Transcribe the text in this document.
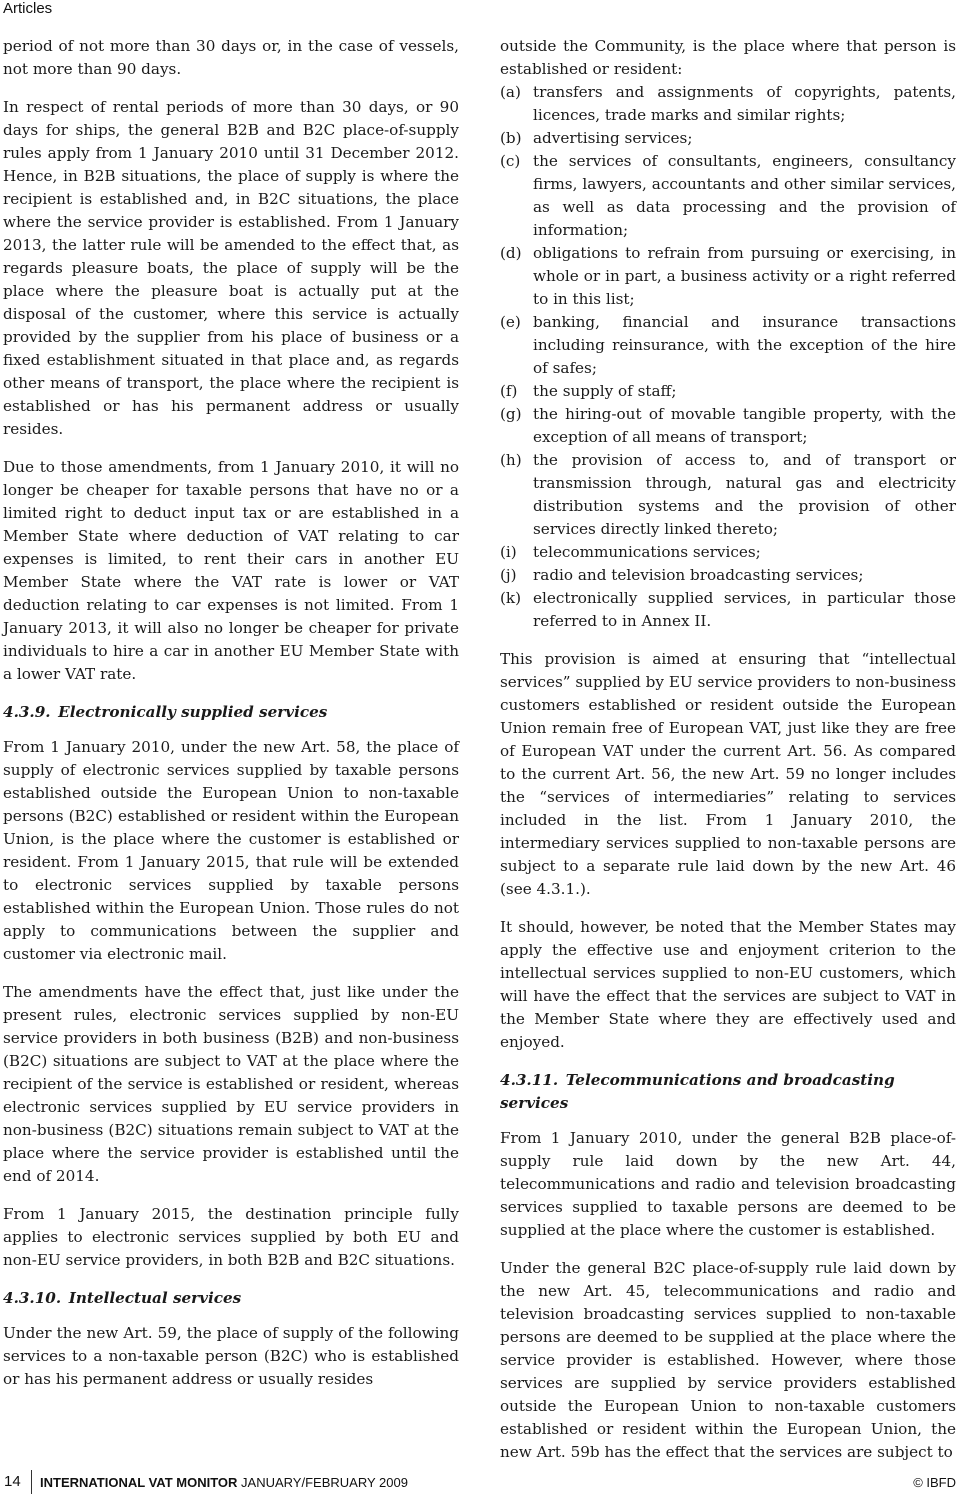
Articles

period of not more than 30 days or, in the case of vessels, not more than 90 days.

In respect of rental periods of more than 30 days, or 90 days for ships, the general B2B and B2C place-of-supply rules apply from 1 January 2010 until 31 December 2012. Hence, in B2B situations, the place of supply is where the recipient is established and, in B2C situations, the place where the service provider is established. From 1 January 2013, the latter rule will be amended to the effect that, as regards pleasure boats, the place of supply will be the place where the pleasure boat is actually put at the disposal of the customer, where this service is actually provided by the supplier from his place of business or a fixed establishment situated in that place and, as regards other means of transport, the place where the recipient is established or has his permanent address or usually resides.

Due to those amendments, from 1 January 2010, it will no longer be cheaper for taxable persons that have no or a limited right to deduct input tax or are established in a Member State where deduction of VAT relating to car expenses is limited, to rent their cars in another EU Member State where the VAT rate is lower or VAT deduction relating to car expenses is not limited. From 1 January 2013, it will also no longer be cheaper for private individuals to hire a car in another EU Member State with a lower VAT rate.

4.3.9. Electronically supplied services

From 1 January 2010, under the new Art. 58, the place of supply of electronic services supplied by taxable persons established outside the European Union to non-taxable persons (B2C) established or resident within the European Union, is the place where the customer is established or resident. From 1 January 2015, that rule will be extended to electronic services supplied by taxable persons established within the European Union. Those rules do not apply to communications between the supplier and customer via electronic mail.

The amendments have the effect that, just like under the present rules, electronic services supplied by non-EU service providers in both business (B2B) and non-business (B2C) situations are subject to VAT at the place where the recipient of the service is established or resident, whereas electronic services supplied by EU service providers in non-business (B2C) situations remain subject to VAT at the place where the service provider is established until the end of 2014.

From 1 January 2015, the destination principle fully applies to electronic services supplied by both EU and non-EU service providers, in both B2B and B2C situations.

4.3.10. Intellectual services

Under the new Art. 59, the place of supply of the following services to a non-taxable person (B2C) who is established or has his permanent address or usually resides

outside the Community, is the place where that person is established or resident:

(a) transfers and assignments of copyrights, patents, licences, trade marks and similar rights;
(b) advertising services;
(c) the services of consultants, engineers, consultancy firms, lawyers, accountants and other similar services, as well as data processing and the provision of information;
(d) obligations to refrain from pursuing or exercising, in whole or in part, a business activity or a right referred to in this list;
(e) banking, financial and insurance transactions including reinsurance, with the exception of the hire of safes;
(f) the supply of staff;
(g) the hiring-out of movable tangible property, with the exception of all means of transport;
(h) the provision of access to, and of transport or transmission through, natural gas and electricity distribution systems and the provision of other services directly linked thereto;
(i) telecommunications services;
(j) radio and television broadcasting services;
(k) electronically supplied services, in particular those referred to in Annex II.

This provision is aimed at ensuring that “intellectual services” supplied by EU service providers to non-business customers established or resident outside the European Union remain free of European VAT, just like they are free of European VAT under the current Art. 56. As compared to the current Art. 56, the new Art. 59 no longer includes the “services of intermediaries” relating to services included in the list. From 1 January 2010, the intermediary services supplied to non-taxable persons are subject to a separate rule laid down by the new Art. 46 (see 4.3.1.).

It should, however, be noted that the Member States may apply the effective use and enjoyment criterion to the intellectual services supplied to non-EU customers, which will have the effect that the services are subject to VAT in the Member State where they are effectively used and enjoyed.

4.3.11. Telecommunications and broadcasting services

From 1 January 2010, under the general B2B place-of-supply rule laid down by the new Art. 44, telecommunications and radio and television broadcasting services supplied to taxable persons are deemed to be supplied at the place where the customer is established.

Under the general B2C place-of-supply rule laid down by the new Art. 45, telecommunications and radio and television broadcasting services supplied to non-taxable persons are deemed to be supplied at the place where the service provider is established. However, where those services are supplied by service providers established outside the European Union to non-taxable customers established or resident within the European Union, the new Art. 59b has the effect that the services are subject to

14 INTERNATIONAL VAT MONITOR JANUARY/FEBRUARY 2009	© IBFD
